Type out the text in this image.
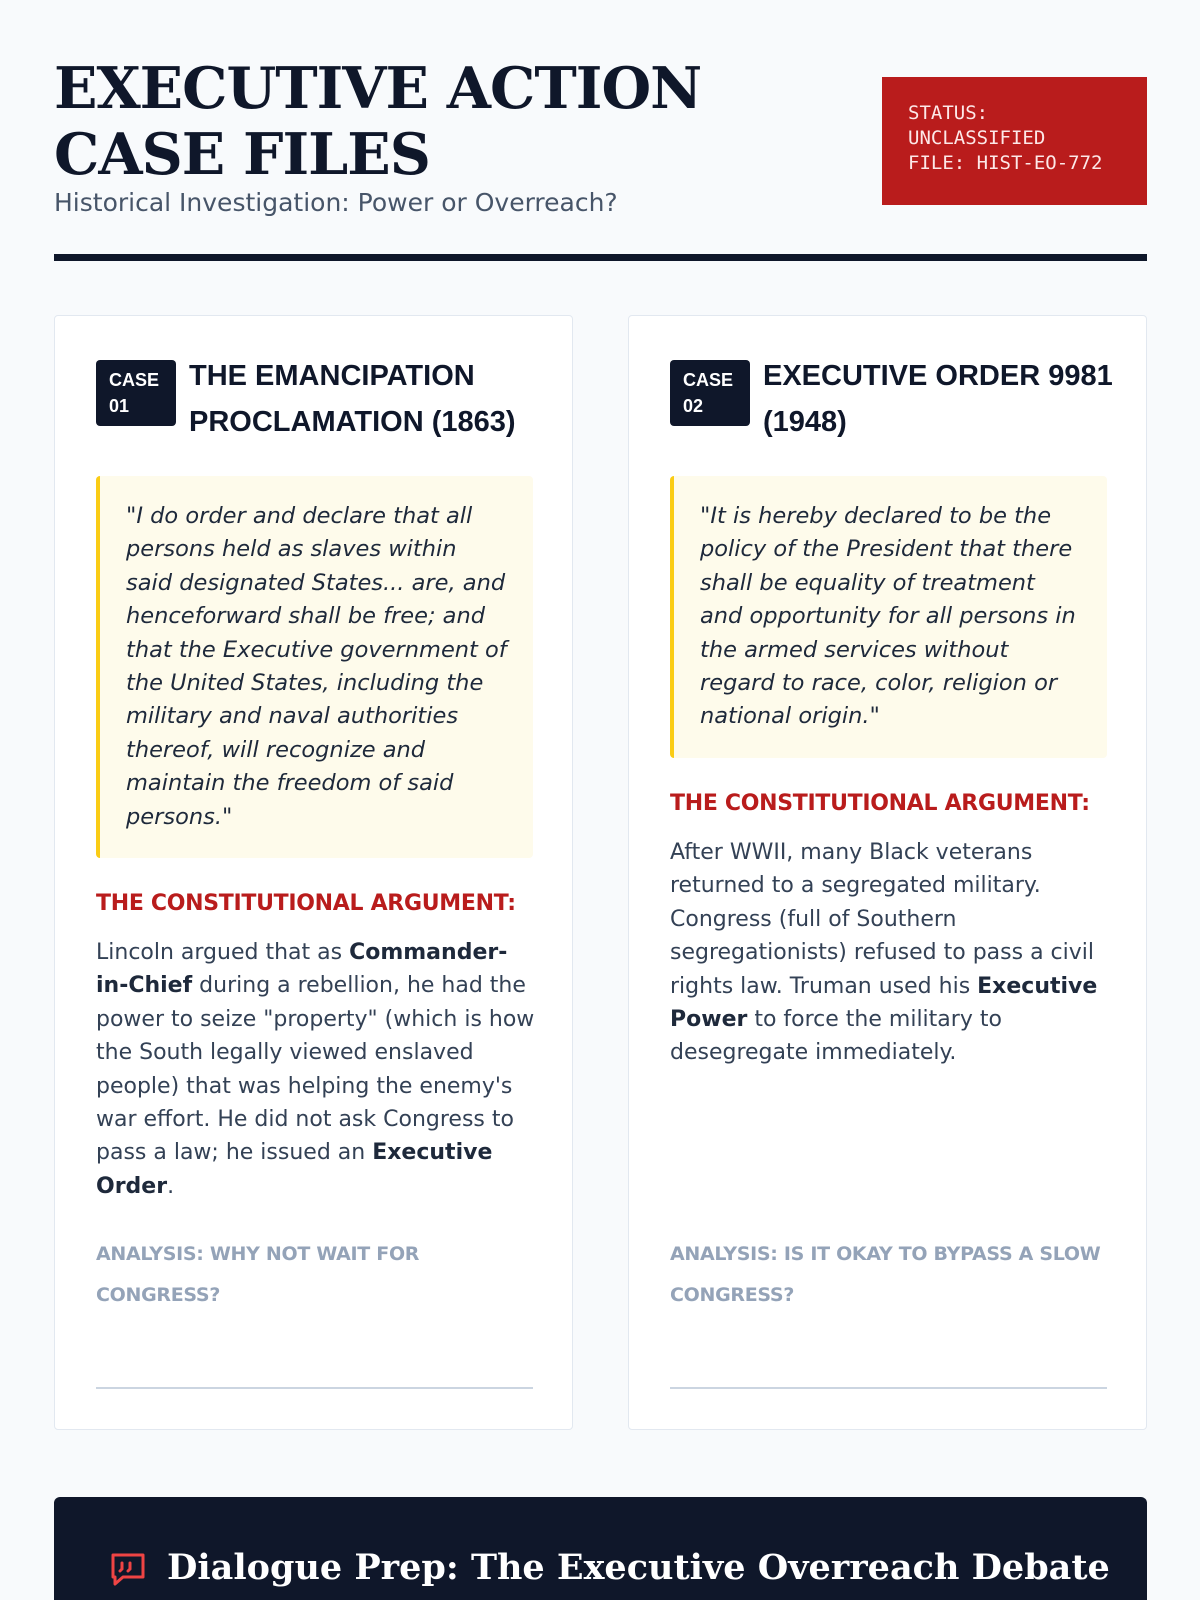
EXECUTIVE ACTION CASE FILES
Historical Investigation: Power or Overreach?
STATUS:
UNCLASSIFIED
FILE: HIST-EO-772
CASE
01
THE EMANCIPATION PROCLAMATION (1863)
"I do order and declare that all persons held as slaves within said designated States... are, and henceforward shall be free; and that the Executive government of the United States, including the military and naval authorities thereof, will recognize and maintain the freedom of said persons."
THE CONSTITUTIONAL ARGUMENT:
Lincoln argued that as Commander-in-Chief during a rebellion, he had the power to seize "property" (which is how the South legally viewed enslaved people) that was helping the enemy's war effort. He did not ask Congress to pass a law; he issued an Executive Order.
ANALYSIS: WHY NOT WAIT FOR CONGRESS?
CASE
02
EXECUTIVE ORDER 9981 (1948)
"It is hereby declared to be the policy of the President that there shall be equality of treatment and opportunity for all persons in the armed services without regard to race, color, religion or national origin."
THE CONSTITUTIONAL ARGUMENT:
After WWII, many Black veterans returned to a segregated military. Congress (full of Southern segregationists) refused to pass a civil rights law. Truman used his Executive Power to force the military to desegregate immediately.
ANALYSIS: IS IT OKAY TO BYPASS A SLOW CONGRESS?
Dialogue Prep: The Executive Overreach Debate
